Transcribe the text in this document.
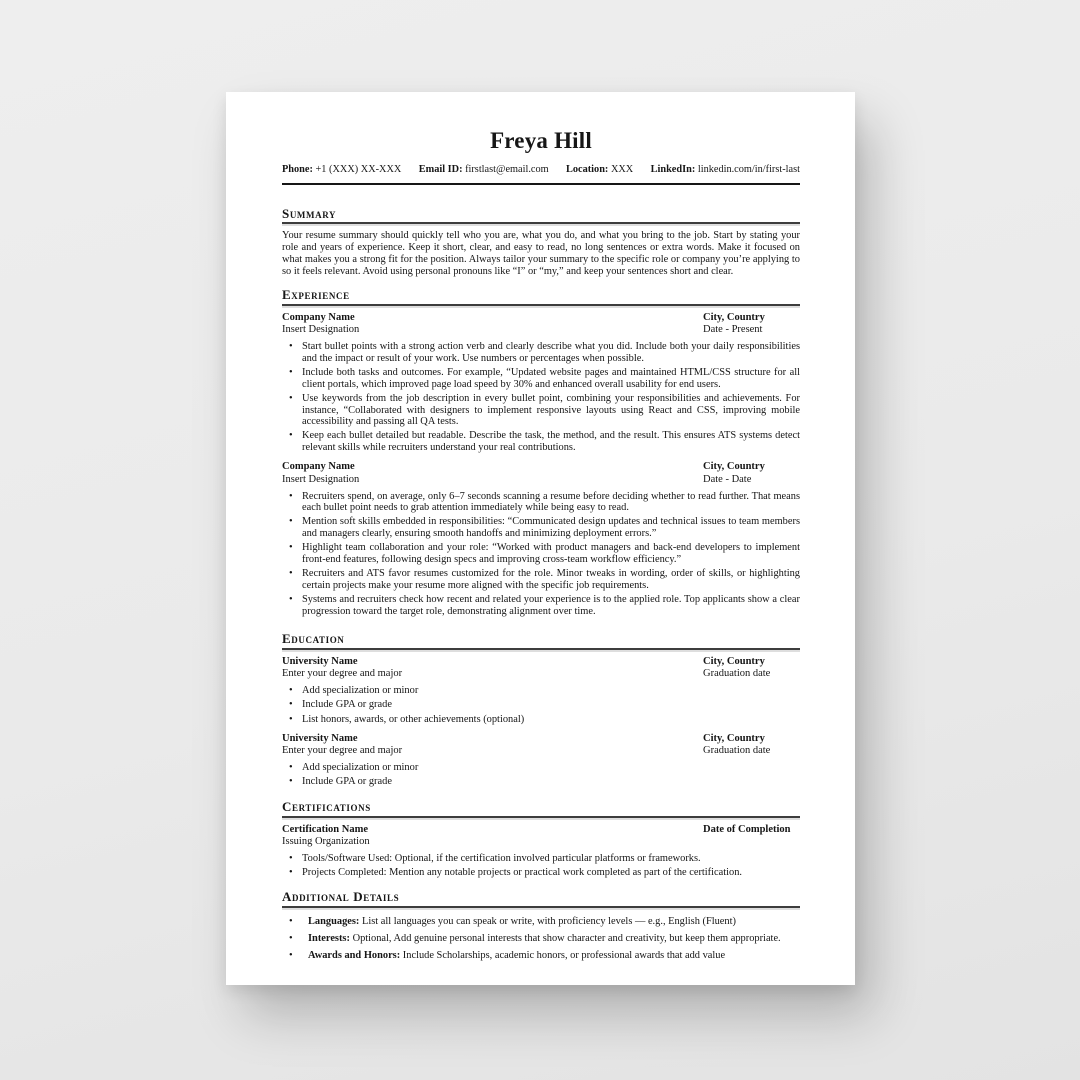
Freya Hill
Phone: +1 (XXX) XX-XXX Email ID: firstlast@email.com Location: XXX LinkedIn: linkedin.com/in/first-last
Summary

Your resume summary should quickly tell who you are, what you do, and what you bring to the job. Start by stating your role and years of experience. Keep it short, clear, and easy to read, no long sentences or extra words. Make it focused on what makes you a strong fit for the position. Always tailor your summary to the specific role or company you’re applying to so it feels relevant. Avoid using personal pronouns like “I” or “my,” and keep your sentences short and clear.

Experience
Company Name
Insert Designation
City, Country
Date - Present
• Start bullet points with a strong action verb and clearly describe what you did. Include both your daily responsibilities and the impact or result of your work. Use numbers or percentages when possible.
• Include both tasks and outcomes. For example, “Updated website pages and maintained HTML/CSS structure for all client portals, which improved page load speed by 30% and enhanced overall usability for end users.
• Use keywords from the job description in every bullet point, combining your responsibilities and achievements. For instance, “Collaborated with designers to implement responsive layouts using React and CSS, improving mobile accessibility and passing all QA tests.
• Keep each bullet detailed but readable. Describe the task, the method, and the result. This ensures ATS systems detect relevant skills while recruiters understand your real contributions.
Company Name
Insert Designation
City, Country
Date - Date
• Recruiters spend, on average, only 6–7 seconds scanning a resume before deciding whether to read further. That means each bullet point needs to grab attention immediately while being easy to read.
• Mention soft skills embedded in responsibilities: “Communicated design updates and technical issues to team members and managers clearly, ensuring smooth handoffs and minimizing deployment errors.”
• Highlight team collaboration and your role: “Worked with product managers and back-end developers to implement front-end features, following design specs and improving cross-team workflow efficiency.”
• Recruiters and ATS favor resumes customized for the role. Minor tweaks in wording, order of skills, or highlighting certain projects make your resume more aligned with the specific job requirements.
• Systems and recruiters check how recent and related your experience is to the applied role. Top applicants show a clear progression toward the target role, demonstrating alignment over time.
Education
University Name
Enter your degree and major
City, Country
Graduation date
• Add specialization or minor
• Include GPA or grade
• List honors, awards, or other achievements (optional)
University Name
Enter your degree and major
City, Country
Graduation date
• Add specialization or minor
• Include GPA or grade
Certifications
Certification Name
Issuing Organization
Date of Completion
• Tools/Software Used: Optional, if the certification involved particular platforms or frameworks.
• Projects Completed: Mention any notable projects or practical work completed as part of the certification.
Additional Details
• Languages: List all languages you can speak or write, with proficiency levels — e.g., English (Fluent)
• Interests: Optional, Add genuine personal interests that show character and creativity, but keep them appropriate.
• Awards and Honors: Include Scholarships, academic honors, or professional awards that add value
